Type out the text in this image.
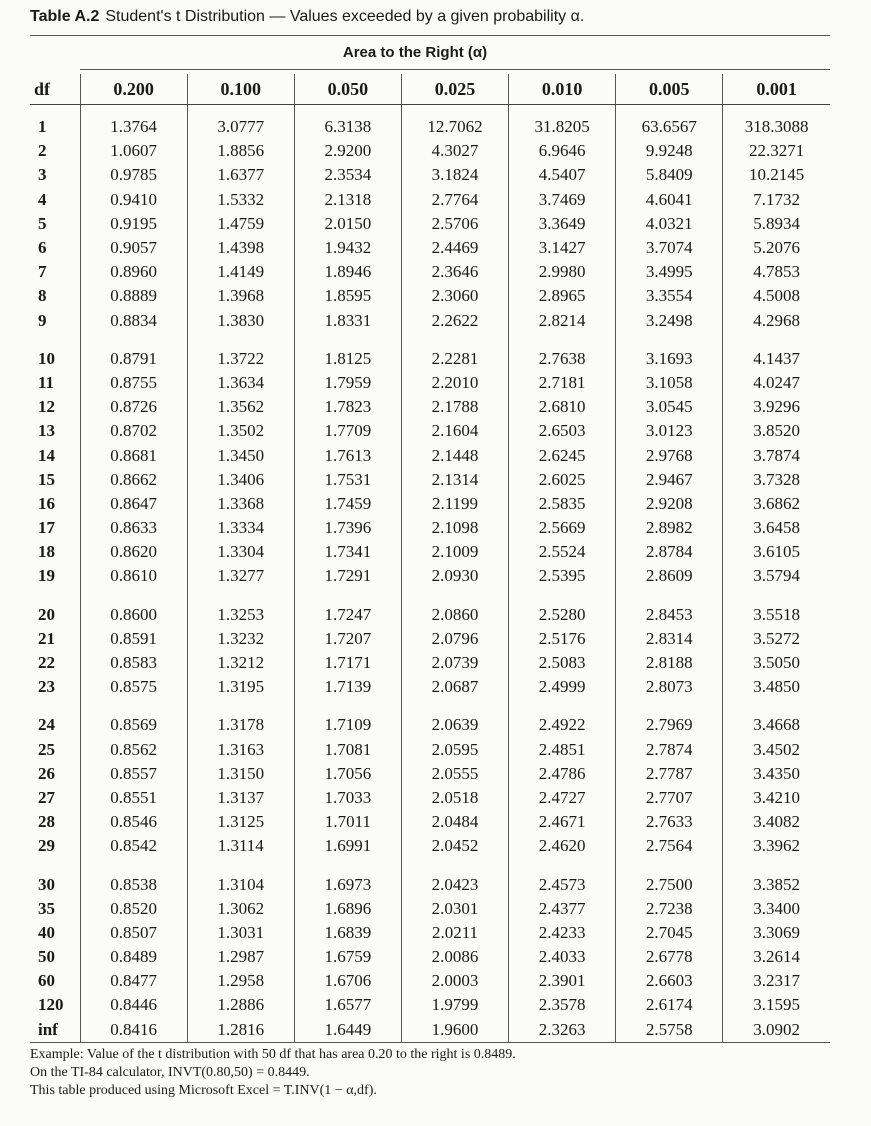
Table A.2 Student's t Distribution — Values exceeded by a given probability α.
Area to the Right (α)
df	0.200	0.100	0.050	0.025	0.010	0.005	0.001
1	1.3764	3.0777	6.3138	12.7062	31.8205	63.6567	318.3088
2	1.0607	1.8856	2.9200	4.3027	6.9646	9.9248	22.3271
3	0.9785	1.6377	2.3534	3.1824	4.5407	5.8409	10.2145
4	0.9410	1.5332	2.1318	2.7764	3.7469	4.6041	7.1732
5	0.9195	1.4759	2.0150	2.5706	3.3649	4.0321	5.8934
6	0.9057	1.4398	1.9432	2.4469	3.1427	3.7074	5.2076
7	0.8960	1.4149	1.8946	2.3646	2.9980	3.4995	4.7853
8	0.8889	1.3968	1.8595	2.3060	2.8965	3.3554	4.5008
9	0.8834	1.3830	1.8331	2.2622	2.8214	3.2498	4.2968
10	0.8791	1.3722	1.8125	2.2281	2.7638	3.1693	4.1437
11	0.8755	1.3634	1.7959	2.2010	2.7181	3.1058	4.0247
12	0.8726	1.3562	1.7823	2.1788	2.6810	3.0545	3.9296
13	0.8702	1.3502	1.7709	2.1604	2.6503	3.0123	3.8520
14	0.8681	1.3450	1.7613	2.1448	2.6245	2.9768	3.7874
15	0.8662	1.3406	1.7531	2.1314	2.6025	2.9467	3.7328
16	0.8647	1.3368	1.7459	2.1199	2.5835	2.9208	3.6862
17	0.8633	1.3334	1.7396	2.1098	2.5669	2.8982	3.6458
18	0.8620	1.3304	1.7341	2.1009	2.5524	2.8784	3.6105
19	0.8610	1.3277	1.7291	2.0930	2.5395	2.8609	3.5794
20	0.8600	1.3253	1.7247	2.0860	2.5280	2.8453	3.5518
21	0.8591	1.3232	1.7207	2.0796	2.5176	2.8314	3.5272
22	0.8583	1.3212	1.7171	2.0739	2.5083	2.8188	3.5050
23	0.8575	1.3195	1.7139	2.0687	2.4999	2.8073	3.4850
24	0.8569	1.3178	1.7109	2.0639	2.4922	2.7969	3.4668
25	0.8562	1.3163	1.7081	2.0595	2.4851	2.7874	3.4502
26	0.8557	1.3150	1.7056	2.0555	2.4786	2.7787	3.4350
27	0.8551	1.3137	1.7033	2.0518	2.4727	2.7707	3.4210
28	0.8546	1.3125	1.7011	2.0484	2.4671	2.7633	3.4082
29	0.8542	1.3114	1.6991	2.0452	2.4620	2.7564	3.3962
30	0.8538	1.3104	1.6973	2.0423	2.4573	2.7500	3.3852
35	0.8520	1.3062	1.6896	2.0301	2.4377	2.7238	3.3400
40	0.8507	1.3031	1.6839	2.0211	2.4233	2.7045	3.3069
50	0.8489	1.2987	1.6759	2.0086	2.4033	2.6778	3.2614
60	0.8477	1.2958	1.6706	2.0003	2.3901	2.6603	3.2317
120	0.8446	1.2886	1.6577	1.9799	2.3578	2.6174	3.1595
inf	0.8416	1.2816	1.6449	1.9600	2.3263	2.5758	3.0902
Example: Value of the t distribution with 50 df that has area 0.20 to the right is 0.8489.
On the TI-84 calculator, INVT(0.80,50) = 0.8449.
This table produced using Microsoft Excel = T.INV(1 − α,df).
